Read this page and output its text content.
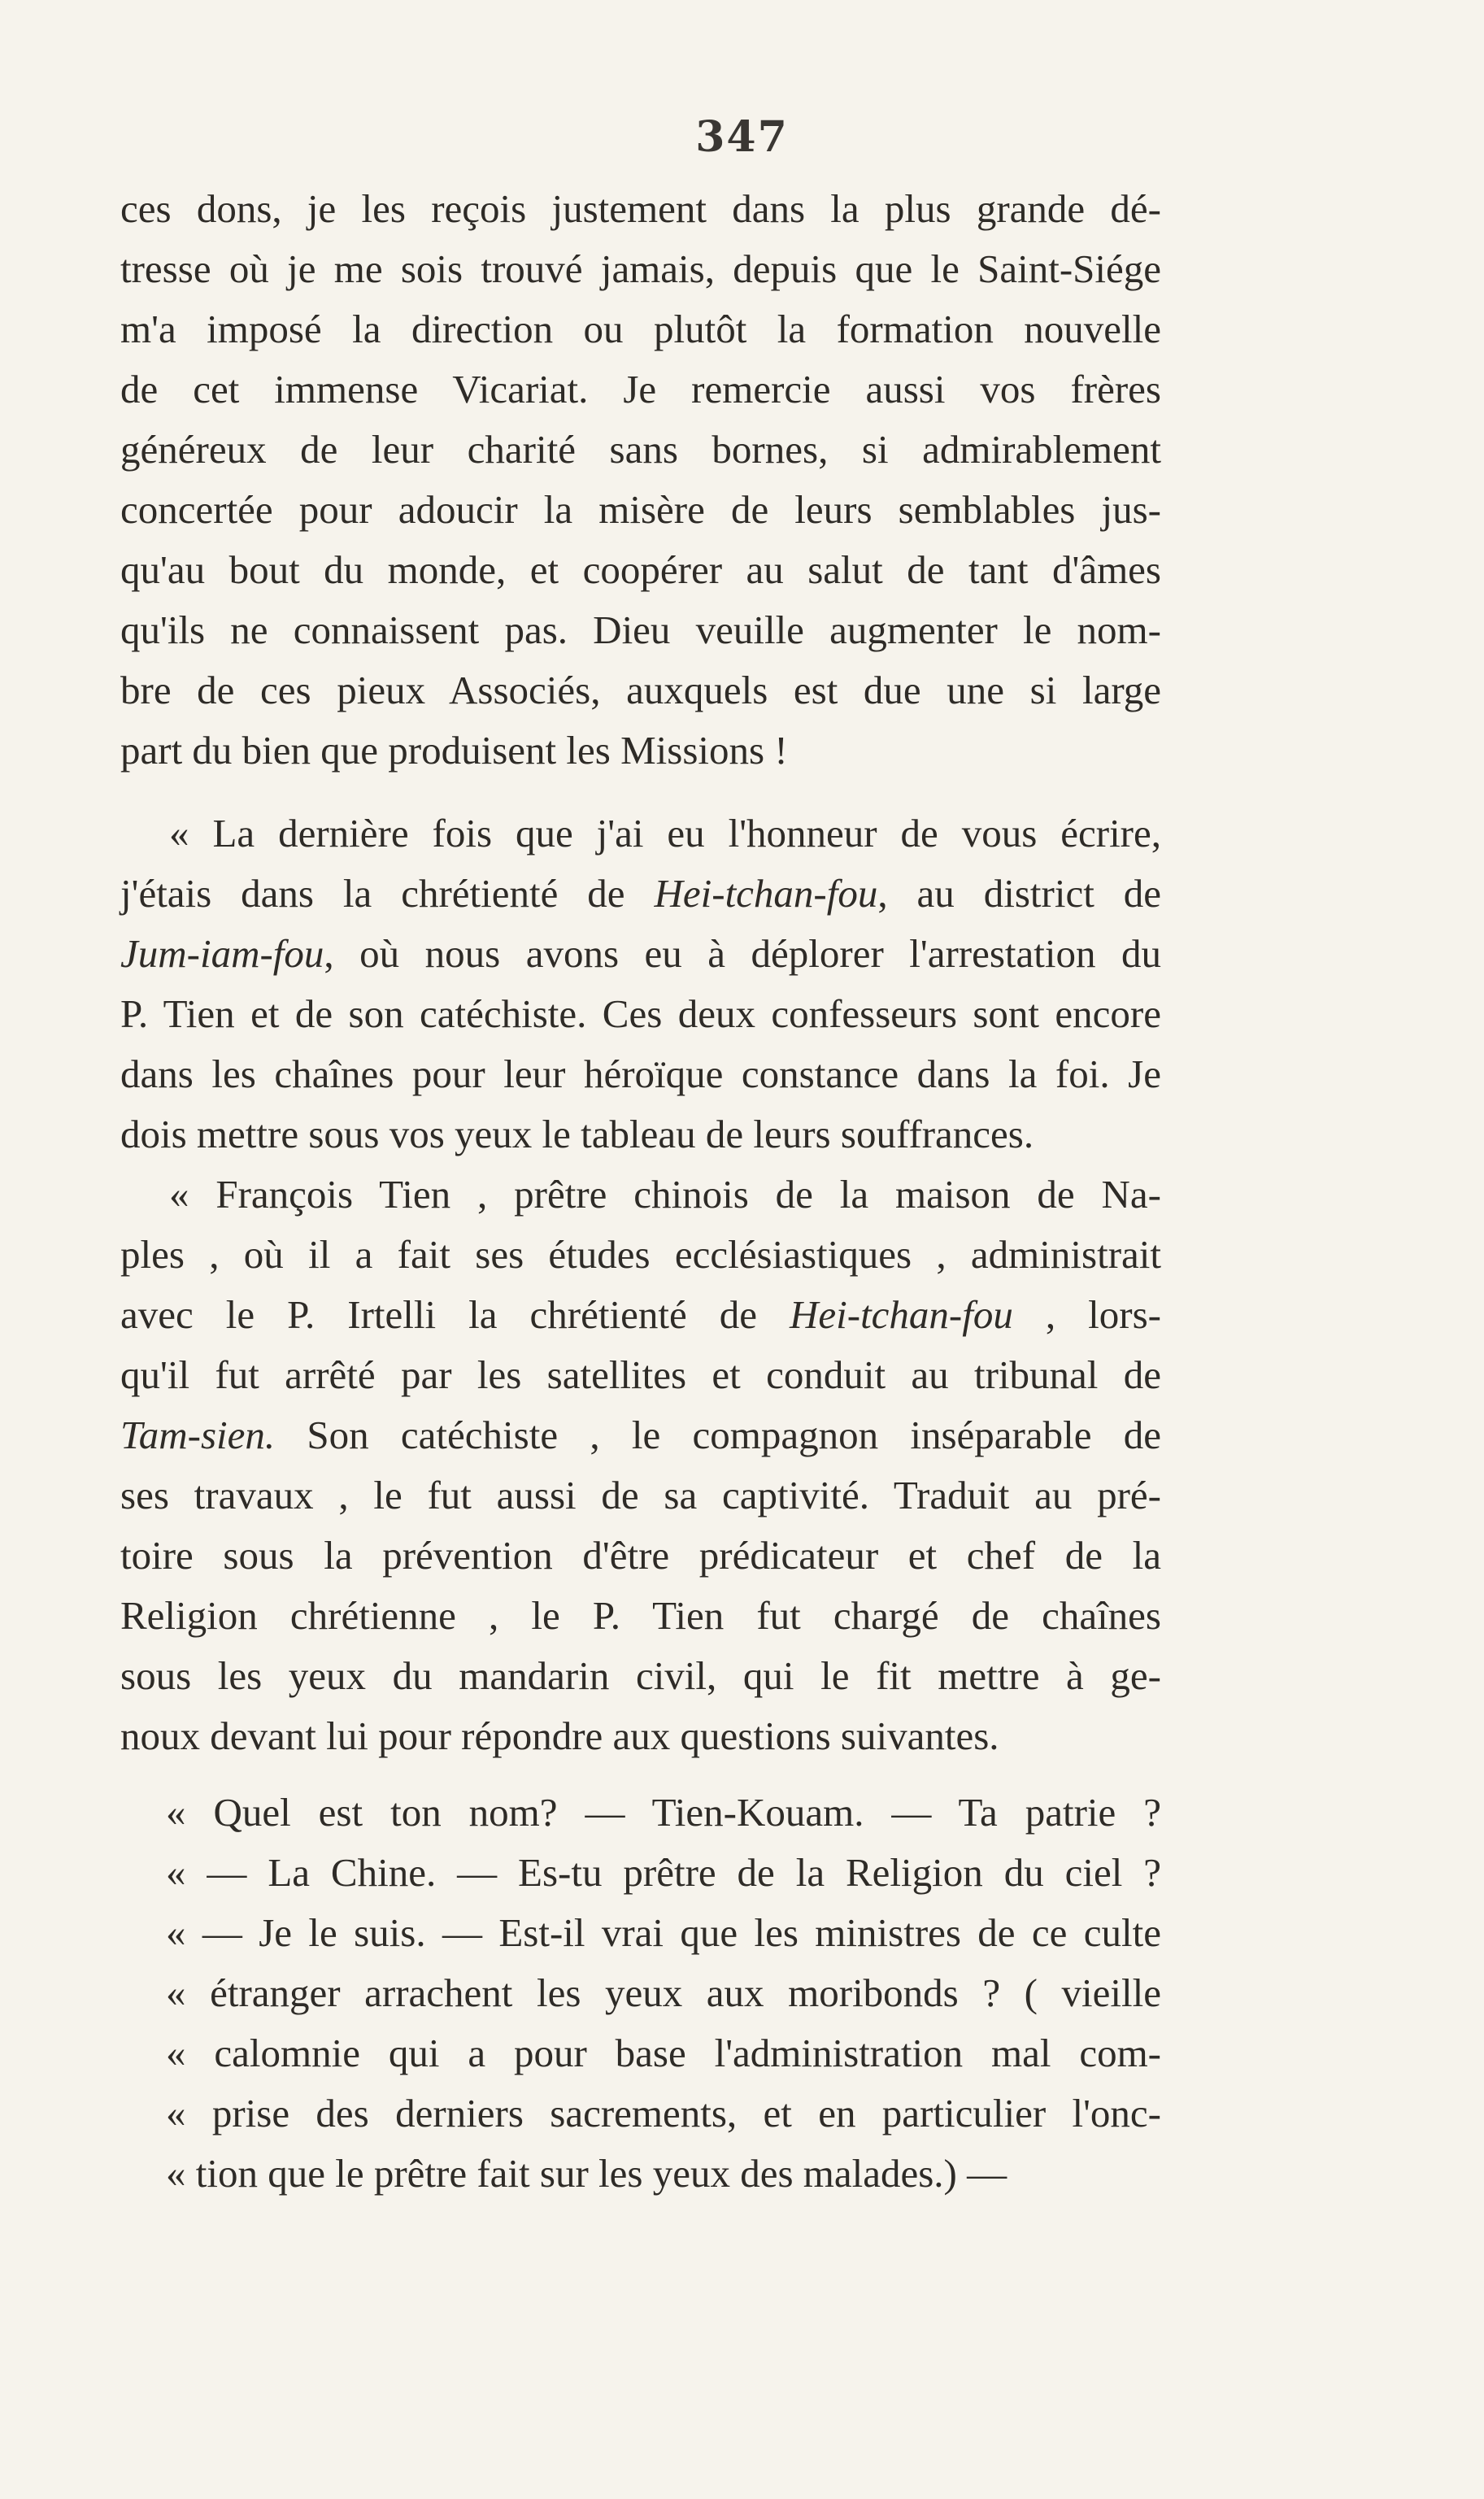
347
ces dons, je les reçois justement dans la plus grande dé-
tresse où je me sois trouvé jamais, depuis que le Saint-Siége
m'a imposé la direction ou plutôt la formation nouvelle
de cet immense Vicariat. Je remercie aussi vos frères
généreux de leur charité sans bornes, si admirablement
concertée pour adoucir la misère de leurs semblables jus-
qu'au bout du monde, et coopérer au salut de tant d'âmes
qu'ils ne connaissent pas. Dieu veuille augmenter le nom-
bre de ces pieux Associés, auxquels est due une si large
part du bien que produisent les Missions !
« La dernière fois que j'ai eu l'honneur de vous écrire,
j'étais dans la chrétienté de Hei-tchan-fou, au district de
Jum-iam-fou, où nous avons eu à déplorer l'arrestation du
P. Tien et de son catéchiste. Ces deux confesseurs sont encore
dans les chaînes pour leur héroïque constance dans la foi. Je
dois mettre sous vos yeux le tableau de leurs souffrances.
« François Tien , prêtre chinois de la maison de Na-
ples , où il a fait ses études ecclésiastiques , administrait
avec le P. Irtelli la chrétienté de Hei-tchan-fou , lors-
qu'il fut arrêté par les satellites et conduit au tribunal de
Tam-sien. Son catéchiste , le compagnon inséparable de
ses travaux , le fut aussi de sa captivité. Traduit au pré-
toire sous la prévention d'être prédicateur et chef de la
Religion chrétienne , le P. Tien fut chargé de chaînes
sous les yeux du mandarin civil, qui le fit mettre à ge-
noux devant lui pour répondre aux questions suivantes.
« Quel est ton nom? — Tien-Kouam. — Ta patrie ?
« — La Chine. — Es-tu prêtre de la Religion du ciel ?
« — Je le suis. — Est-il vrai que les ministres de ce culte
« étranger arrachent les yeux aux moribonds ? ( vieille
« calomnie qui a pour base l'administration mal com-
« prise des derniers sacrements, et en particulier l'onc-
« tion que le prêtre fait sur les yeux des malades.) —
